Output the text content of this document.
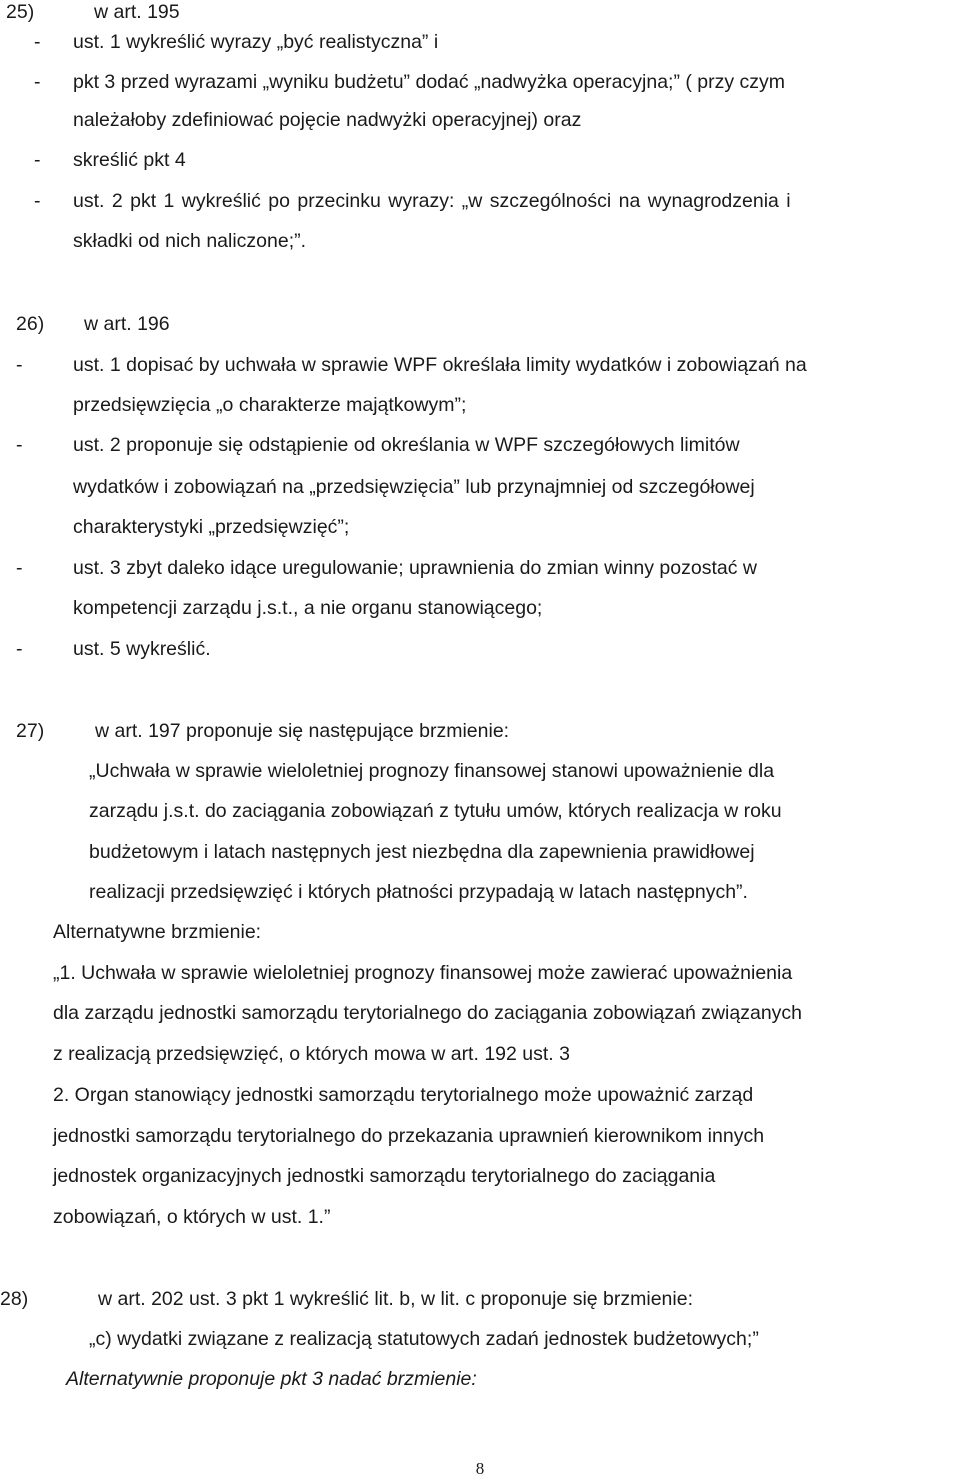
25)	w art. 195
- ust. 1 wykreślić wyrazy „być realistyczna” i
- pkt 3 przed wyrazami „wyniku budżetu” dodać „nadwyżka operacyjna;” ( przy czym
należałoby zdefiniować pojęcie nadwyżki operacyjnej) oraz
- skreślić pkt 4
- ust. 2 pkt 1 wykreślić po przecinku wyrazy: „w szczególności na wynagrodzenia i
składki od nich naliczone;”.
26) w art. 196
-	ust. 1 dopisać by uchwała w sprawie WPF określała limity wydatków i zobowiązań na
przedsięwzięcia „o charakterze majątkowym”;
-	ust. 2 proponuje się odstąpienie od określania w WPF szczegółowych limitów
wydatków i zobowiązań na „przedsięwzięcia” lub przynajmniej od szczegółowej
charakterystyki „przedsięwzięć”;
-	ust. 3 zbyt daleko idące uregulowanie; uprawnienia do zmian winny pozostać w
kompetencji zarządu j.s.t., a nie organu stanowiącego;
-	ust. 5 wykreślić.
27)	w art. 197 proponuje się następujące brzmienie:
„Uchwała w sprawie wieloletniej prognozy finansowej stanowi upoważnienie dla
zarządu j.s.t. do zaciągania zobowiązań z tytułu umów, których realizacja w roku
budżetowym i latach następnych jest niezbędna dla zapewnienia prawidłowej
realizacji przedsięwzięć i których płatności przypadają w latach następnych”.
Alternatywne brzmienie:
„1. Uchwała w sprawie wieloletniej prognozy finansowej może zawierać upoważnienia
dla zarządu jednostki samorządu terytorialnego do zaciągania zobowiązań związanych
z realizacją przedsięwzięć, o których mowa w art. 192 ust. 3
2. Organ stanowiący jednostki samorządu terytorialnego może upoważnić zarząd
jednostki samorządu terytorialnego do przekazania uprawnień kierownikom innych
jednostek organizacyjnych jednostki samorządu terytorialnego do zaciągania
zobowiązań, o których w ust. 1.”
28)	w art. 202 ust. 3 pkt 1 wykreślić lit. b, w lit. c proponuje się brzmienie:
„c) wydatki związane z realizacją statutowych zadań jednostek budżetowych;”
Alternatywnie proponuje pkt 3 nadać brzmienie:
8
